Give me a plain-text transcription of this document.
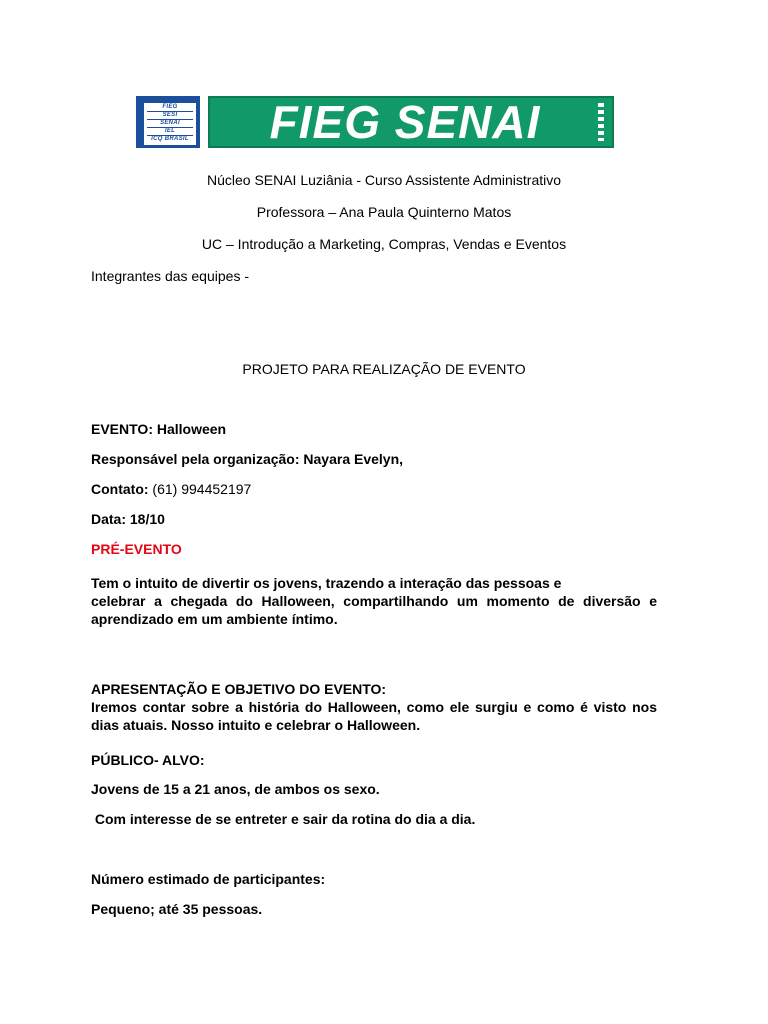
FIEG
SESI
SENAI
IEL
ICQ BRASIL	FIEG SENAI
Núcleo SENAI Luziânia - Curso Assistente Administrativo
Professora – Ana Paula Quinterno Matos
UC – Introdução a Marketing, Compras, Vendas e Eventos
Integrantes das equipes -
PROJETO PARA REALIZAÇÃO DE EVENTO
EVENTO: Halloween
Responsável pela organização: Nayara Evelyn,
Contato: (61) 994452197
Data: 18/10
PRÉ-EVENTO
Tem o intuito de divertir os jovens, trazendo a interação das pessoas e
celebrar a chegada do Halloween, compartilhando um momento de diversão e
aprendizado em um ambiente íntimo.
APRESENTAÇÃO E OBJETIVO DO EVENTO:
Iremos contar sobre a história do Halloween, como ele surgiu e como é visto nos
dias atuais. Nosso intuito e celebrar o Halloween.
PÚBLICO- ALVO:
Jovens de 15 a 21 anos, de ambos os sexo.
Com interesse de se entreter e sair da rotina do dia a dia.
Número estimado de participantes:
Pequeno; até 35 pessoas.
